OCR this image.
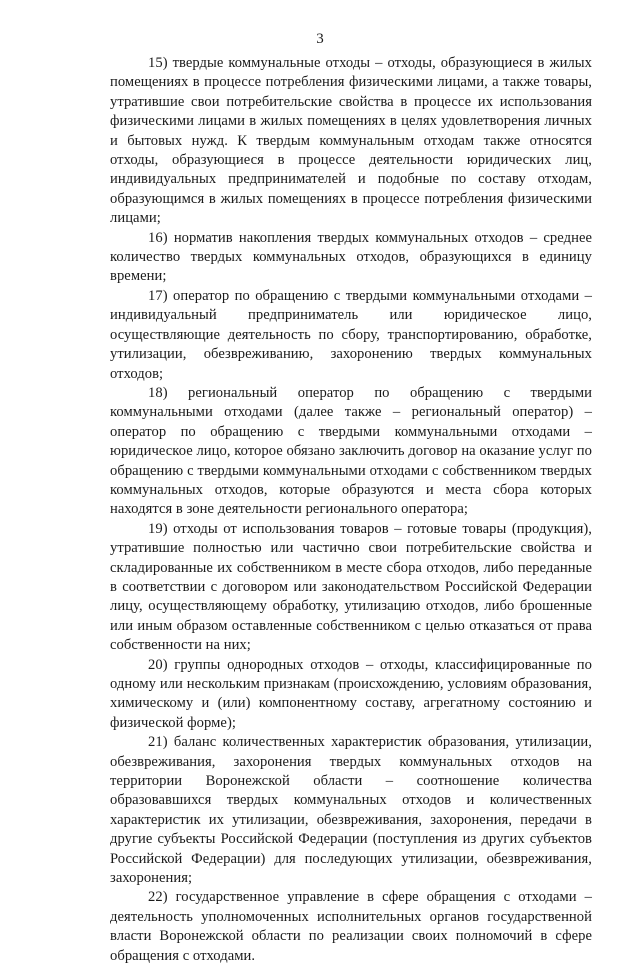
3

15) твердые коммунальные отходы – отходы, образующиеся в жилых помещениях в процессе потребления физическими лицами, а также товары, утратившие свои потребительские свойства в процессе их использования физическими лицами в жилых помещениях в целях удовлетворения личных и бытовых нужд. К твердым коммунальным отходам также относятся отходы, образующиеся в процессе деятельности юридических лиц, индивидуальных предпринимателей и подобные по составу отходам, образующимся в жилых помещениях в процессе потребления физическими лицами;

16) норматив накопления твердых коммунальных отходов – среднее количество твердых коммунальных отходов, образующихся в единицу времени;

17) оператор по обращению с твердыми коммунальными отходами – индивидуальный предприниматель или юридическое лицо, осуществляющие деятельность по сбору, транспортированию, обработке, утилизации, обезвреживанию, захоронению твердых коммунальных отходов;

18) региональный оператор по обращению с твердыми коммунальными отходами (далее также – региональный оператор) – оператор по обращению с твердыми коммунальными отходами – юридическое лицо, которое обязано заключить договор на оказание услуг по обращению с твердыми коммунальными отходами с собственником твердых коммунальных отходов, которые образуются и места сбора которых находятся в зоне деятельности регионального оператора;

19) отходы от использования товаров – готовые товары (продукция), утратившие полностью или частично свои потребительские свойства и складированные их собственником в месте сбора отходов, либо переданные в соответствии с договором или законодательством Российской Федерации лицу, осуществляющему обработку, утилизацию отходов, либо брошенные или иным образом оставленные собственником с целью отказаться от права собственности на них;

20) группы однородных отходов – отходы, классифицированные по одному или нескольким признакам (происхождению, условиям образования, химическому и (или) компонентному составу, агрегатному состоянию и физической форме);

21) баланс количественных характеристик образования, утилизации, обезвреживания, захоронения твердых коммунальных отходов на территории Воронежской области – соотношение количества образовавшихся твердых коммунальных отходов и количественных характеристик их утилизации, обезвреживания, захоронения, передачи в другие субъекты Российской Федерации (поступления из других субъектов Российской Федерации) для последующих утилизации, обезвреживания, захоронения;

22) государственное управление в сфере обращения с отходами – деятельность уполномоченных исполнительных органов государственной власти Воронежской области по реализации своих полномочий в сфере обращения с отходами.
